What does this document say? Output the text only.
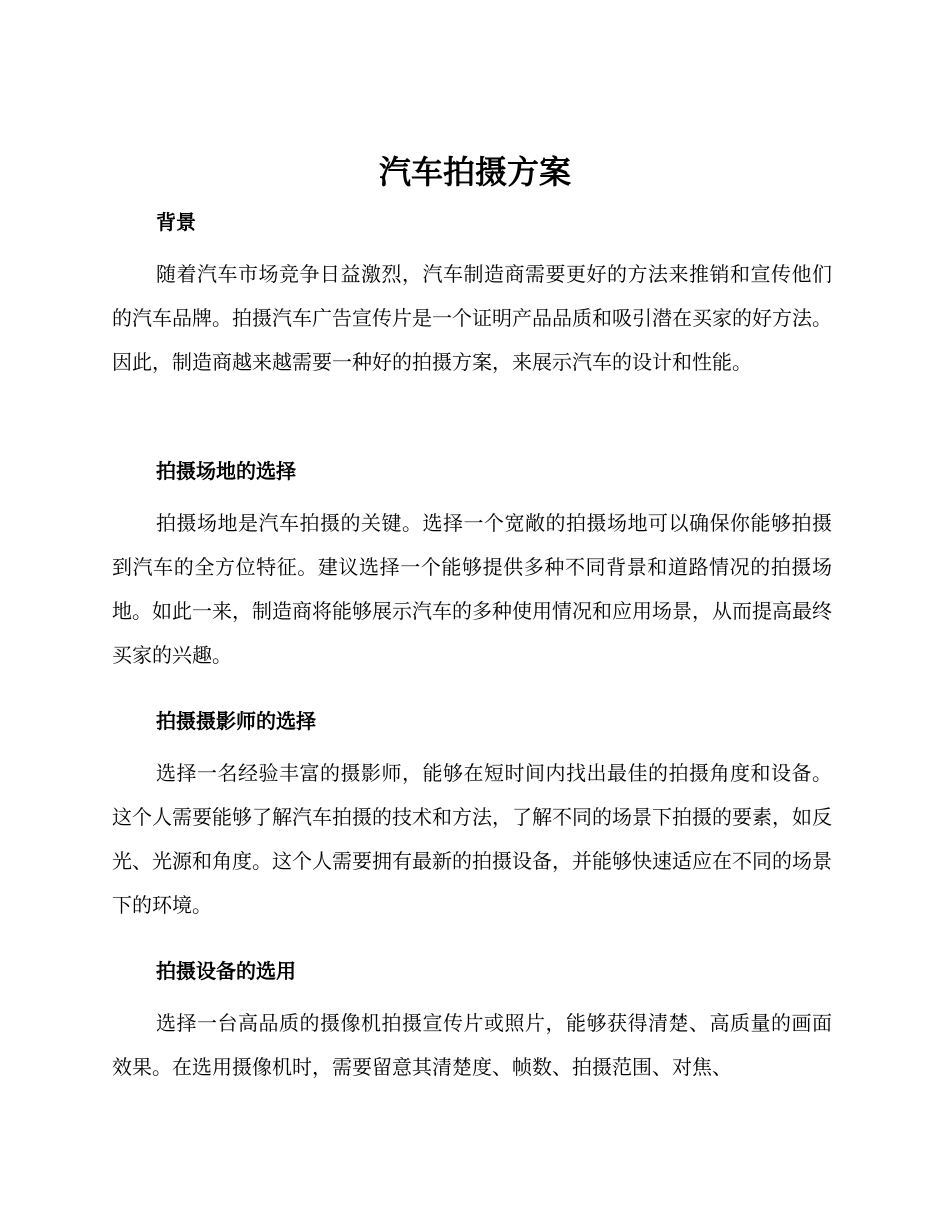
汽车拍摄方案
背景

随着汽车市场竞争日益激烈，汽车制造商需要更好的方法来推销和宣传他们的汽车品牌。拍摄汽车广告宣传片是一个证明产品品质和吸引潜在买家的好方法。因此，制造商越来越需要一种好的拍摄方案，来展示汽车的设计和性能。

拍摄场地的选择

拍摄场地是汽车拍摄的关键。选择一个宽敞的拍摄场地可以确保你能够拍摄到汽车的全方位特征。建议选择一个能够提供多种不同背景和道路情况的拍摄场地。如此一来，制造商将能够展示汽车的多种使用情况和应用场景，从而提高最终买家的兴趣。

拍摄摄影师的选择

选择一名经验丰富的摄影师，能够在短时间内找出最佳的拍摄角度和设备。这个人需要能够了解汽车拍摄的技术和方法，了解不同的场景下拍摄的要素，如反光、光源和角度。这个人需要拥有最新的拍摄设备，并能够快速适应在不同的场景下的环境。

拍摄设备的选用

选择一台高品质的摄像机拍摄宣传片或照片，能够获得清楚、高质量的画面效果。在选用摄像机时，需要留意其清楚度、帧数、拍摄范围、对焦、
